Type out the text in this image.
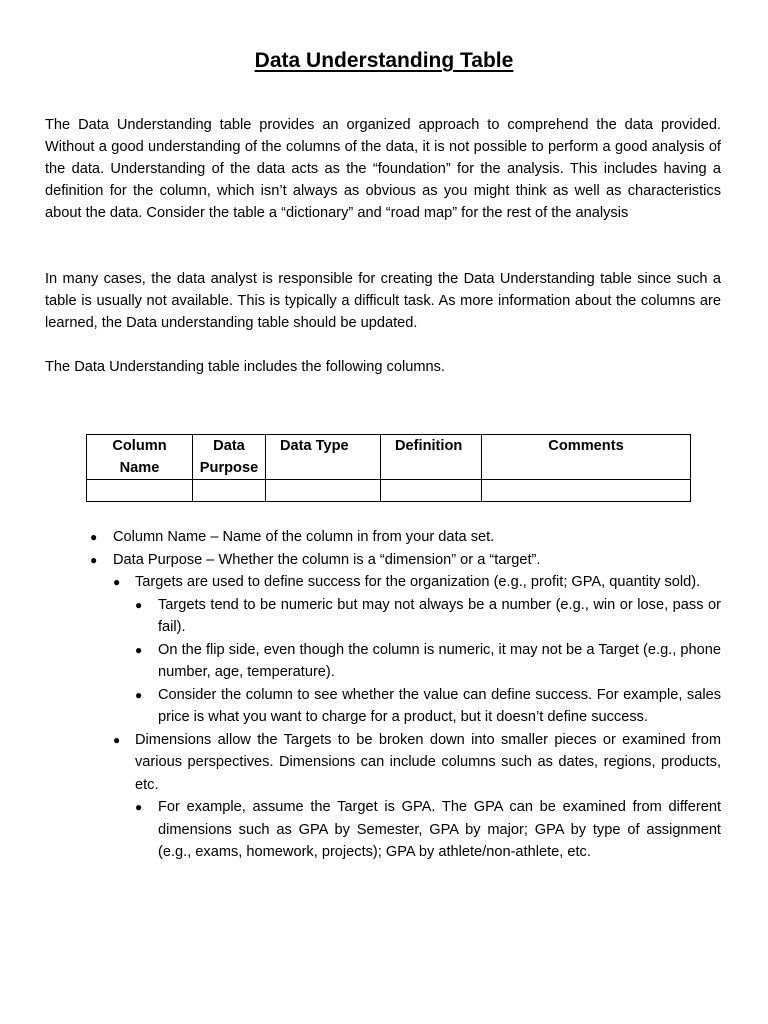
Data Understanding Table

The Data Understanding table provides an organized approach to comprehend the data provided. Without a good understanding of the columns of the data, it is not possible to perform a good analysis of the data. Understanding of the data acts as the “foundation” for the analysis. This includes having a definition for the column, which isn’t always as obvious as you might think as well as characteristics about the data. Consider the table a “dictionary” and “road map” for the rest of the analysis

In many cases, the data analyst is responsible for creating the Data Understanding table since such a table is usually not available. This is typically a difficult task. As more information about the columns are learned, the Data understanding table should be updated.

The Data Understanding table includes the following columns.

Column Name	Data Purpose	Data Type	Definition	Comments

● Column Name – Name of the column in from your data set.
● Data Purpose – Whether the column is a “dimension” or a “target”.
● Targets are used to define success for the organization (e.g., profit; GPA, quantity sold).
● Targets tend to be numeric but may not always be a number (e.g., win or lose, pass or fail).
● On the flip side, even though the column is numeric, it may not be a Target (e.g., phone number, age, temperature).
● Consider the column to see whether the value can define success. For example, sales price is what you want to charge for a product, but it doesn’t define success.
● Dimensions allow the Targets to be broken down into smaller pieces or examined from various perspectives. Dimensions can include columns such as dates, regions, products, etc.
● For example, assume the Target is GPA. The GPA can be examined from different dimensions such as GPA by Semester, GPA by major; GPA by type of assignment (e.g., exams, homework, projects); GPA by athlete/non-athlete, etc.
